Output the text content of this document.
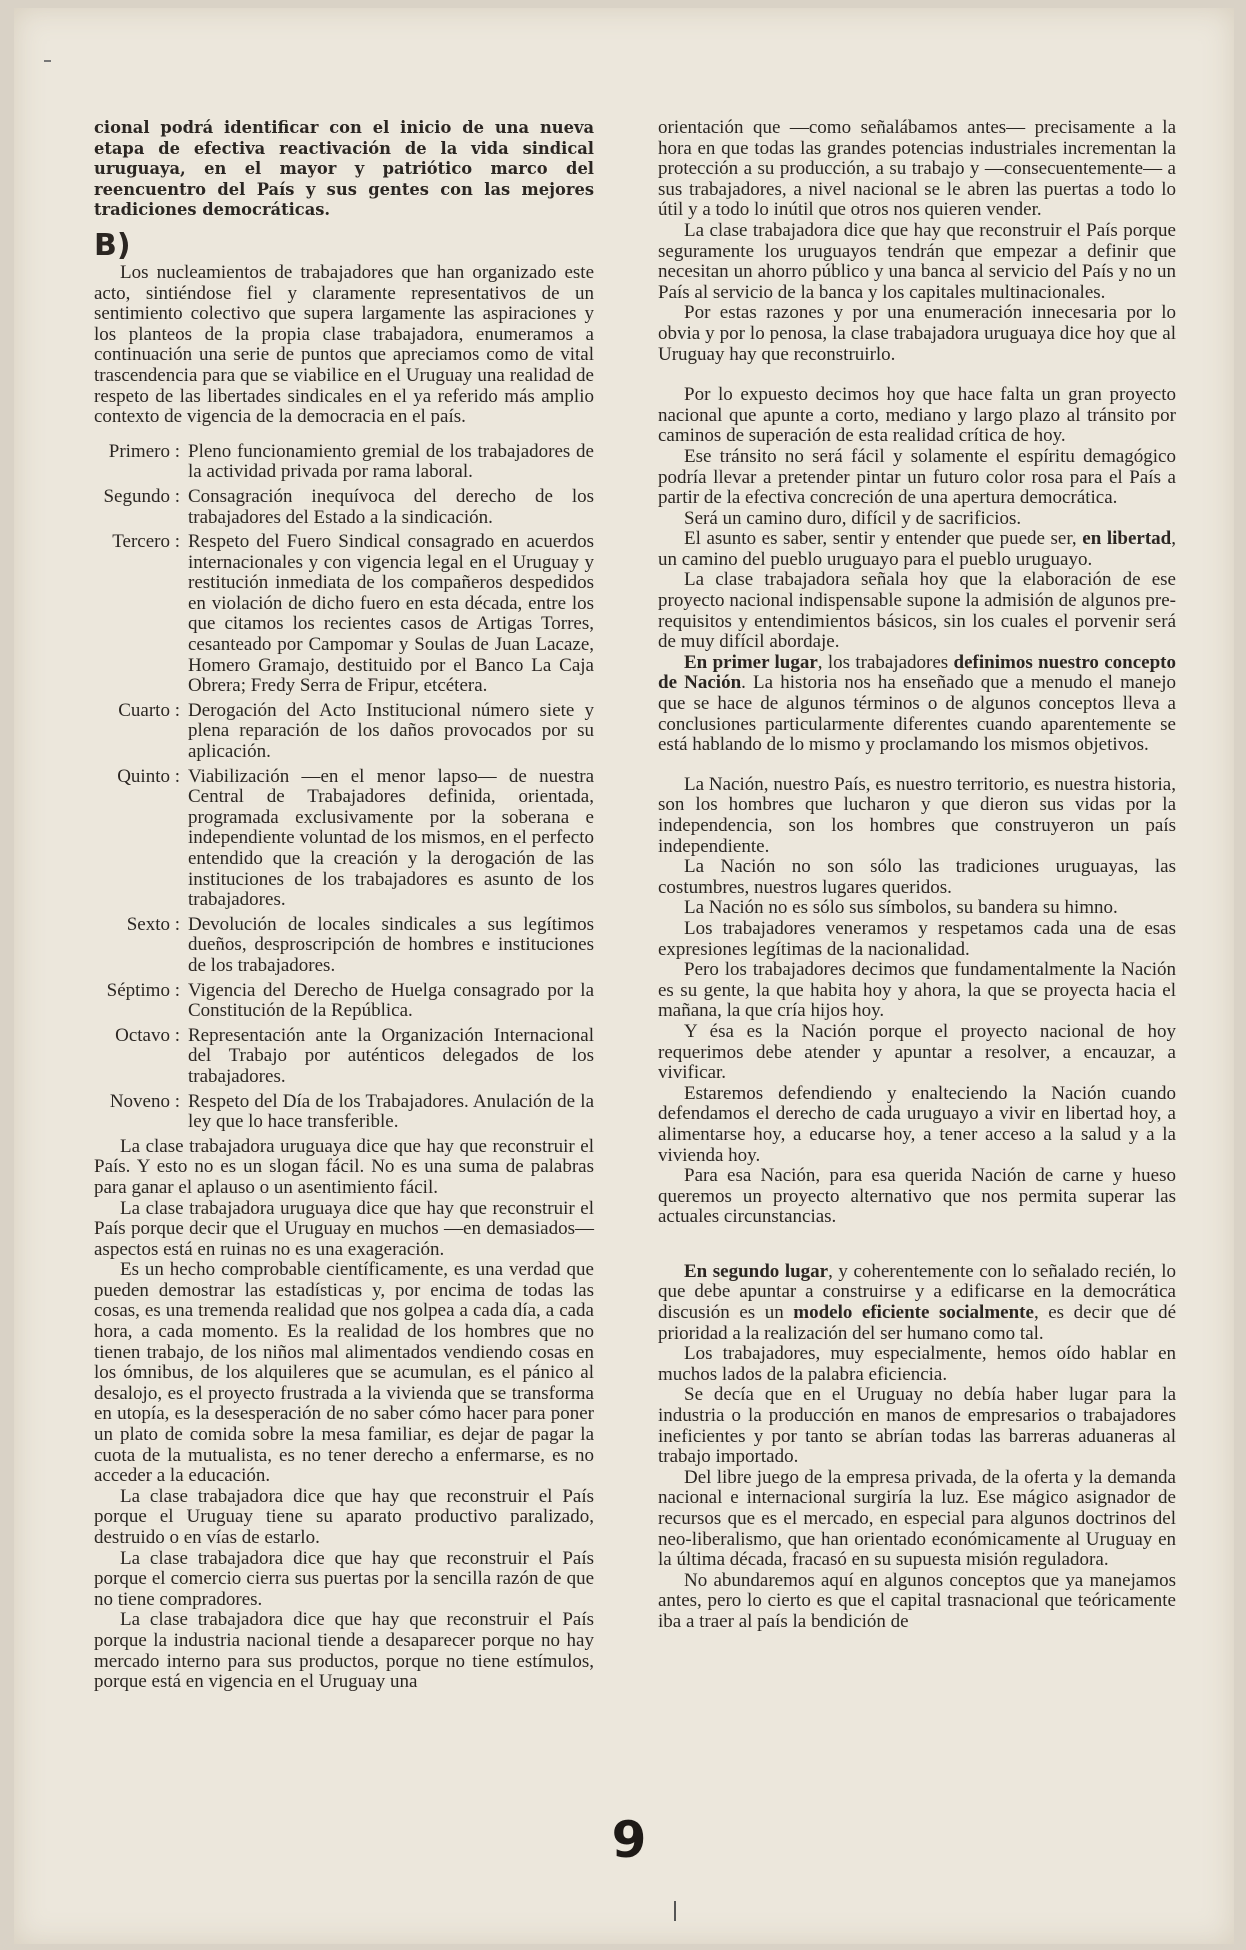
cional podrá identificar con el inicio de una nueva etapa de efectiva reactivación de la vida sindical uruguaya, en el mayor y patriótico marco del reencuentro del País y sus gentes con las mejores tradiciones democráticas.
B)

Los nucleamientos de trabajadores que han organizado este acto, sintiéndose fiel y claramente representativos de un sentimiento colectivo que supera largamente las aspiraciones y los planteos de la propia clase trabajadora, enumeramos a continuación una serie de puntos que apreciamos como de vital trascendencia para que se viabilice en el Uruguay una realidad de respeto de las libertades sindicales en el ya referido más amplio contexto de vigencia de la democracia en el país.

Primero : Pleno funcionamiento gremial de los trabajadores de la actividad privada por rama laboral.
Segundo : Consagración inequívoca del derecho de los trabajadores del Estado a la sindicación.
Tercero : Respeto del Fuero Sindical consagrado en acuerdos internacionales y con vigencia legal en el Uruguay y restitución inmediata de los compañeros despedidos en violación de dicho fuero en esta década, entre los que citamos los recientes casos de Artigas Torres, cesanteado por Campomar y Soulas de Juan Lacaze, Homero Gramajo, destituido por el Banco La Caja Obrera; Fredy Serra de Fripur, etcétera.
Cuarto : Derogación del Acto Institucional número siete y plena reparación de los daños provocados por su aplicación.
Quinto : Viabilización —en el menor lapso— de nuestra Central de Trabajadores definida, orientada, programada exclusivamente por la soberana e independiente voluntad de los mismos, en el perfecto entendido que la creación y la derogación de las instituciones de los trabajadores es asunto de los trabajadores.
Sexto : Devolución de locales sindicales a sus legítimos dueños, desproscripción de hombres e instituciones de los trabajadores.
Séptimo : Vigencia del Derecho de Huelga consagrado por la Constitución de la República.
Octavo : Representación ante la Organización Internacional del Trabajo por auténticos delegados de los trabajadores.
Noveno : Respeto del Día de los Trabajadores. Anulación de la ley que lo hace transferible.

La clase trabajadora uruguaya dice que hay que reconstruir el País. Y esto no es un slogan fácil. No es una suma de palabras para ganar el aplauso o un asentimiento fácil.

La clase trabajadora uruguaya dice que hay que reconstruir el País porque decir que el Uruguay en muchos —en demasiados— aspectos está en ruinas no es una exageración.

Es un hecho comprobable científicamente, es una verdad que pueden demostrar las estadísticas y, por encima de todas las cosas, es una tremenda realidad que nos golpea a cada día, a cada hora, a cada momento. Es la realidad de los hombres que no tienen trabajo, de los niños mal alimentados vendiendo cosas en los ómnibus, de los alquileres que se acumulan, es el pánico al desalojo, es el proyecto frustrada a la vivienda que se transforma en utopía, es la desesperación de no saber cómo hacer para poner un plato de comida sobre la mesa familiar, es dejar de pagar la cuota de la mutualista, es no tener derecho a enfermarse, es no acceder a la educación.

La clase trabajadora dice que hay que reconstruir el País porque el Uruguay tiene su aparato productivo paralizado, destruido o en vías de estarlo.

La clase trabajadora dice que hay que reconstruir el País porque el comercio cierra sus puertas por la sencilla razón de que no tiene compradores.

La clase trabajadora dice que hay que reconstruir el País porque la industria nacional tiende a desaparecer porque no hay mercado interno para sus productos, porque no tiene estímulos, porque está en vigencia en el Uruguay una

orientación que —como señalábamos antes— precisamente a la hora en que todas las grandes potencias industriales incrementan la protección a su producción, a su trabajo y —consecuentemente— a sus trabajadores, a nivel nacional se le abren las puertas a todo lo útil y a todo lo inútil que otros nos quieren vender.

La clase trabajadora dice que hay que reconstruir el País porque seguramente los uruguayos tendrán que empezar a definir que necesitan un ahorro público y una banca al servicio del País y no un País al servicio de la banca y los capitales multinacionales.

Por estas razones y por una enumeración innecesaria por lo obvia y por lo penosa, la clase trabajadora uruguaya dice hoy que al Uruguay hay que reconstruirlo.

Por lo expuesto decimos hoy que hace falta un gran proyecto nacional que apunte a corto, mediano y largo plazo al tránsito por caminos de superación de esta realidad crítica de hoy.

Ese tránsito no será fácil y solamente el espíritu demagógico podría llevar a pretender pintar un futuro color rosa para el País a partir de la efectiva concreción de una apertura democrática.

Será un camino duro, difícil y de sacrificios.

El asunto es saber, sentir y entender que puede ser, en libertad, un camino del pueblo uruguayo para el pueblo uruguayo.

La clase trabajadora señala hoy que la elaboración de ese proyecto nacional indispensable supone la admisión de algunos pre-requisitos y entendimientos básicos, sin los cuales el porvenir será de muy difícil abordaje.

En primer lugar, los trabajadores definimos nuestro concepto de Nación. La historia nos ha enseñado que a menudo el manejo que se hace de algunos términos o de algunos conceptos lleva a conclusiones particularmente diferentes cuando aparentemente se está hablando de lo mismo y proclamando los mismos objetivos.

La Nación, nuestro País, es nuestro territorio, es nuestra historia, son los hombres que lucharon y que dieron sus vidas por la independencia, son los hombres que construyeron un país independiente.

La Nación no son sólo las tradiciones uruguayas, las costumbres, nuestros lugares queridos.

La Nación no es sólo sus símbolos, su bandera su himno.

Los trabajadores veneramos y respetamos cada una de esas expresiones legítimas de la nacionalidad.

Pero los trabajadores decimos que fundamentalmente la Nación es su gente, la que habita hoy y ahora, la que se proyecta hacia el mañana, la que cría hijos hoy.

Y ésa es la Nación porque el proyecto nacional de hoy requerimos debe atender y apuntar a resolver, a encauzar, a vivificar.

Estaremos defendiendo y enalteciendo la Nación cuando defendamos el derecho de cada uruguayo a vivir en libertad hoy, a alimentarse hoy, a educarse hoy, a tener acceso a la salud y a la vivienda hoy.

Para esa Nación, para esa querida Nación de carne y hueso queremos un proyecto alternativo que nos permita superar las actuales circunstancias.

En segundo lugar, y coherentemente con lo señalado recién, lo que debe apuntar a construirse y a edificarse en la democrática discusión es un modelo eficiente socialmente, es decir que dé prioridad a la realización del ser humano como tal.

Los trabajadores, muy especialmente, hemos oído hablar en muchos lados de la palabra eficiencia.

Se decía que en el Uruguay no debía haber lugar para la industria o la producción en manos de empresarios o trabajadores ineficientes y por tanto se abrían todas las barreras aduaneras al trabajo importado.

Del libre juego de la empresa privada, de la oferta y la demanda nacional e internacional surgiría la luz. Ese mágico asignador de recursos que es el mercado, en especial para algunos doctrinos del neo-liberalismo, que han orientado económicamente al Uruguay en la última década, fracasó en su supuesta misión reguladora.

No abundaremos aquí en algunos conceptos que ya manejamos antes, pero lo cierto es que el capital trasnacional que teóricamente iba a traer al país la bendición de

9
